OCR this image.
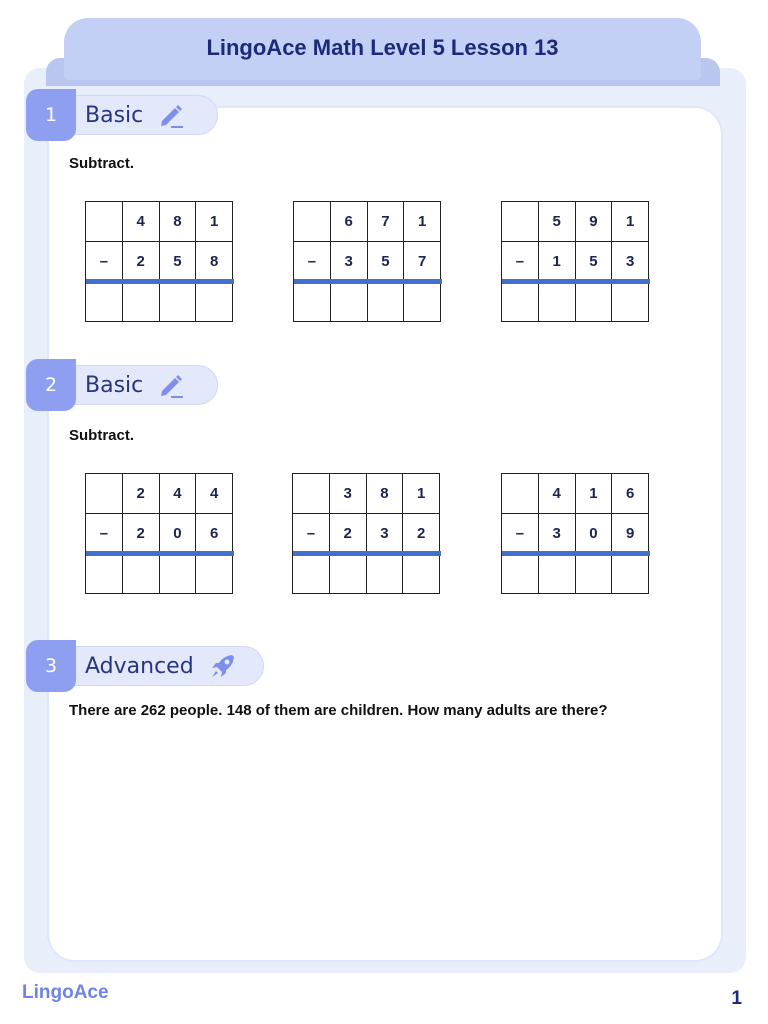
LingoAce Math Level 5 Lesson 13
Basic
1
Subtract.
	4	8	1
–	2	5	8

	6	7	1
–	3	5	7

	5	9	1
–	1	5	3

Basic
2
Subtract.
	2	4	4
–	2	0	6

	3	8	1
–	2	3	2

	4	1	6
–	3	0	9

Advanced
3
There are 262 people. 148 of them are children. How many adults are there?
LingoAce	1
